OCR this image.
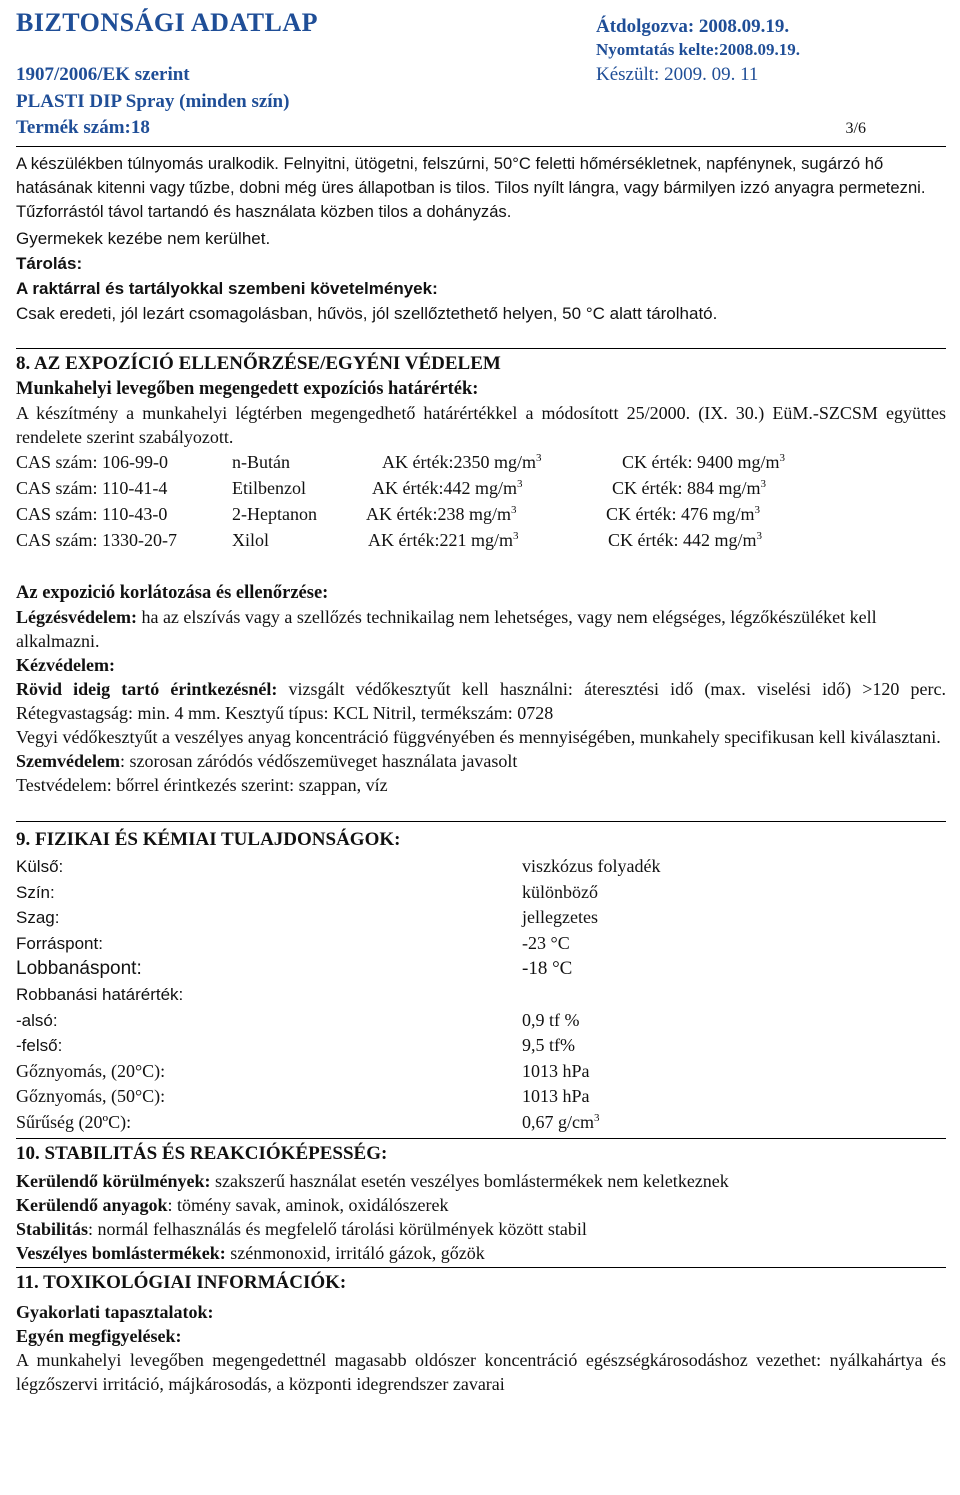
BIZTONSÁGI ADATLAP
1907/2006/EK szerint
PLASTI DIP Spray (minden szín)
Termék szám:18
Átdolgozva: 2008.09.19.
Nyomtatás kelte:2008.09.19.
Készült: 2009. 09. 11
3/6

A készülékben túlnyomás uralkodik. Felnyitni, ütögetni, felszúrni, 50°C feletti hőmérsékletnek, napfénynek, sugárzó hő hatásának kitenni vagy tűzbe, dobni még üres állapotban is tilos. Tilos nyílt lángra, vagy bármilyen izzó anyagra permetezni. Tűzforrástól távol tartandó és használata közben tilos a dohányzás.

Gyermekek kezébe nem kerülhet.

Tárolás:

A raktárral és tartályokkal szembeni követelmények:

Csak eredeti, jól lezárt csomagolásban, hűvös, jól szellőztethető helyen, 50 °C alatt tárolható.

8. AZ EXPOZÍCIÓ ELLENŐRZÉSE/EGYÉNI VÉDELEM

Munkahelyi levegőben megengedett expozíciós határérték:

A készítmény a munkahelyi légtérben megengedhető határértékkel a módosított 25/2000. (IX. 30.) EüM.-SZCSM együttes rendelete szerint szabályozott.

CAS szám: 106-99-0	n-Bután	AK érték:2350 $mg/m^3$	CK érték: 9400 $mg/m^3$
CAS szám: 110-41-4	Etilbenzol	AK érték:442 $mg/m^3$	CK érték: 884 $mg/m^3$
CAS szám: 110-43-0	2-Heptanon	AK érték:238 $mg/m^3$	CK érték: 476 $mg/m^3$
CAS szám: 1330-20-7	Xilol	AK érték:221 $mg/m^3$	CK érték: 442 $mg/m^3$

Az expozició korlátozása és ellenőrzése:

Légzésvédelem: ha az elszívás vagy a szellőzés technikailag nem lehetséges, vagy nem elégséges, légzőkészüléket kell alkalmazni.

Kézvédelem:

Rövid ideig tartó érintkezésnél: vizsgált védőkesztyűt kell használni: áteresztési idő (max. viselési idő) >120 perc. Rétegvastagság: min. 4 mm. Kesztyű típus: KCL Nitril, termékszám: 0728

Vegyi védőkesztyűt a veszélyes anyag koncentráció függvényében és mennyiségében, munkahely specifikusan kell kiválasztani.

Szemvédelem: szorosan záródós védőszemüveget használata javasolt

Testvédelem: bőrrel érintkezés szerint: szappan, víz

9. FIZIKAI ÉS KÉMIAI TULAJDONSÁGOK:

Külső:	viszkózus folyadék
Szín:	különböző
Szag:	jellegzetes
Forráspont:	-23 °C
Lobbanáspont:	-18 °C
Robbanási határérték:
-alsó:	0,9 tf %
-felső:	9,5 tf%
Gőznyomás, (20°C):	1013 hPa
Gőznyomás, (50°C):	1013 hPa
Sűrűség (20ºC):	0,67 $g/cm^3$

10. STABILITÁS ÉS REAKCIÓKÉPESSÉG:

Kerülendő körülmények: szakszerű használat esetén veszélyes bomlástermékek nem keletkeznek

Kerülendő anyagok: tömény savak, aminok, oxidálószerek

Stabilitás: normál felhasználás és megfelelő tárolási körülmények között stabil

Veszélyes bomlástermékek: szénmonoxid, irritáló gázok, gőzök

11. TOXIKOLÓGIAI INFORMÁCIÓK:

Gyakorlati tapasztalatok:

Egyén megfigyelések:

A munkahelyi levegőben megengedettnél magasabb oldószer koncentráció egészségkárosodáshoz vezethet: nyálkahártya és légzőszervi irritáció, májkárosodás, a központi idegrendszer zavarai
